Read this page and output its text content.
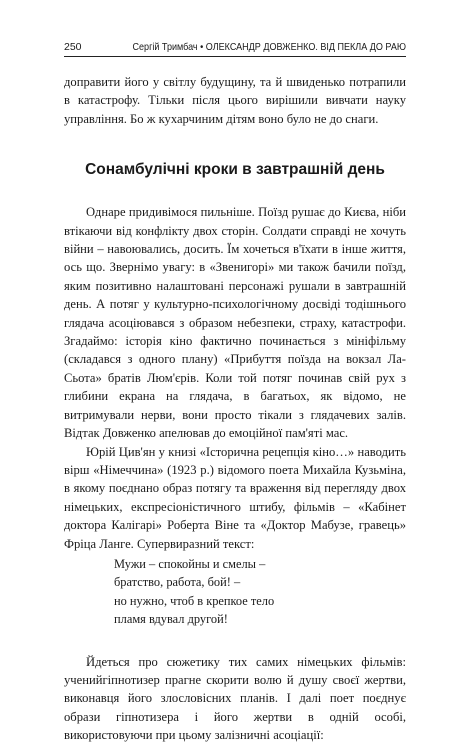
250	Сергій Тримбач • ОЛЕКСАНДР ДОВЖЕНКО. ВІД ПЕКЛА ДО РАЮ

доправити його у світлу будущину, та й швиденько потрапили в катастрофу. Тільки після цього вирішили вивчати науку управління. Бо ж кухарчиним дітям воно було не до снаги.

Сонамбулічні кроки в завтрашній день

Однаре придивімося пильніше. Поїзд рушає до Києва, ніби втікаючи від конфлікту двох сторін. Солдати справді не хочуть війни – навоювались, досить. Їм хочеться в'їхати в інше життя, ось що. Звернімо увагу: в «Звенигорі» ми також бачили поїзд, яким позитивно налаштовані персонажі рушали в завтрашній день. А потяг у культурно-психологічному досвіді тодішнього глядача асоціювався з образом небезпеки, страху, катастрофи. Згадаймо: історія кіно фактично починається з мініфільму (складався з одного плану) «Прибуття поїзда на вокзал Ла-Сьота» братів Люм'єрів. Коли той потяг починав свій рух з глибини екрана на глядача, в багатьох, як відомо, не витримували нерви, вони просто тікали з глядачевих залів. Відтак Довженко апелював до емоційної пам'яті мас.

Юрій Цив'ян у книзі «Історична рецепція кіно…» наводить вірш «Німеччина» (1923 р.) відомого поета Михайла Кузьміна, в якому поєднано образ потягу та враження від перегляду двох німецьких, експресіоністичного штибу, фільмів – «Кабінет доктора Калігарі» Роберта Віне та «Доктор Мабузе, гравець» Фріца Ланге. Супервиразний текст:

Мужи – спокойны и смелы –
братство, работа, бой! –
но нужно, чтоб в крепкое тело
пламя вдувал другой!

Йдеться про сюжетику тих самих німецьких фільмів: ученийгіпнотизер прагне скорити волю й душу своєї жертви, виконавця його злословісних планів. І далі поет поєднує образи гіпнотизера і його жертви в одній особі, використовуючи при цьому залізничні асоціації:
